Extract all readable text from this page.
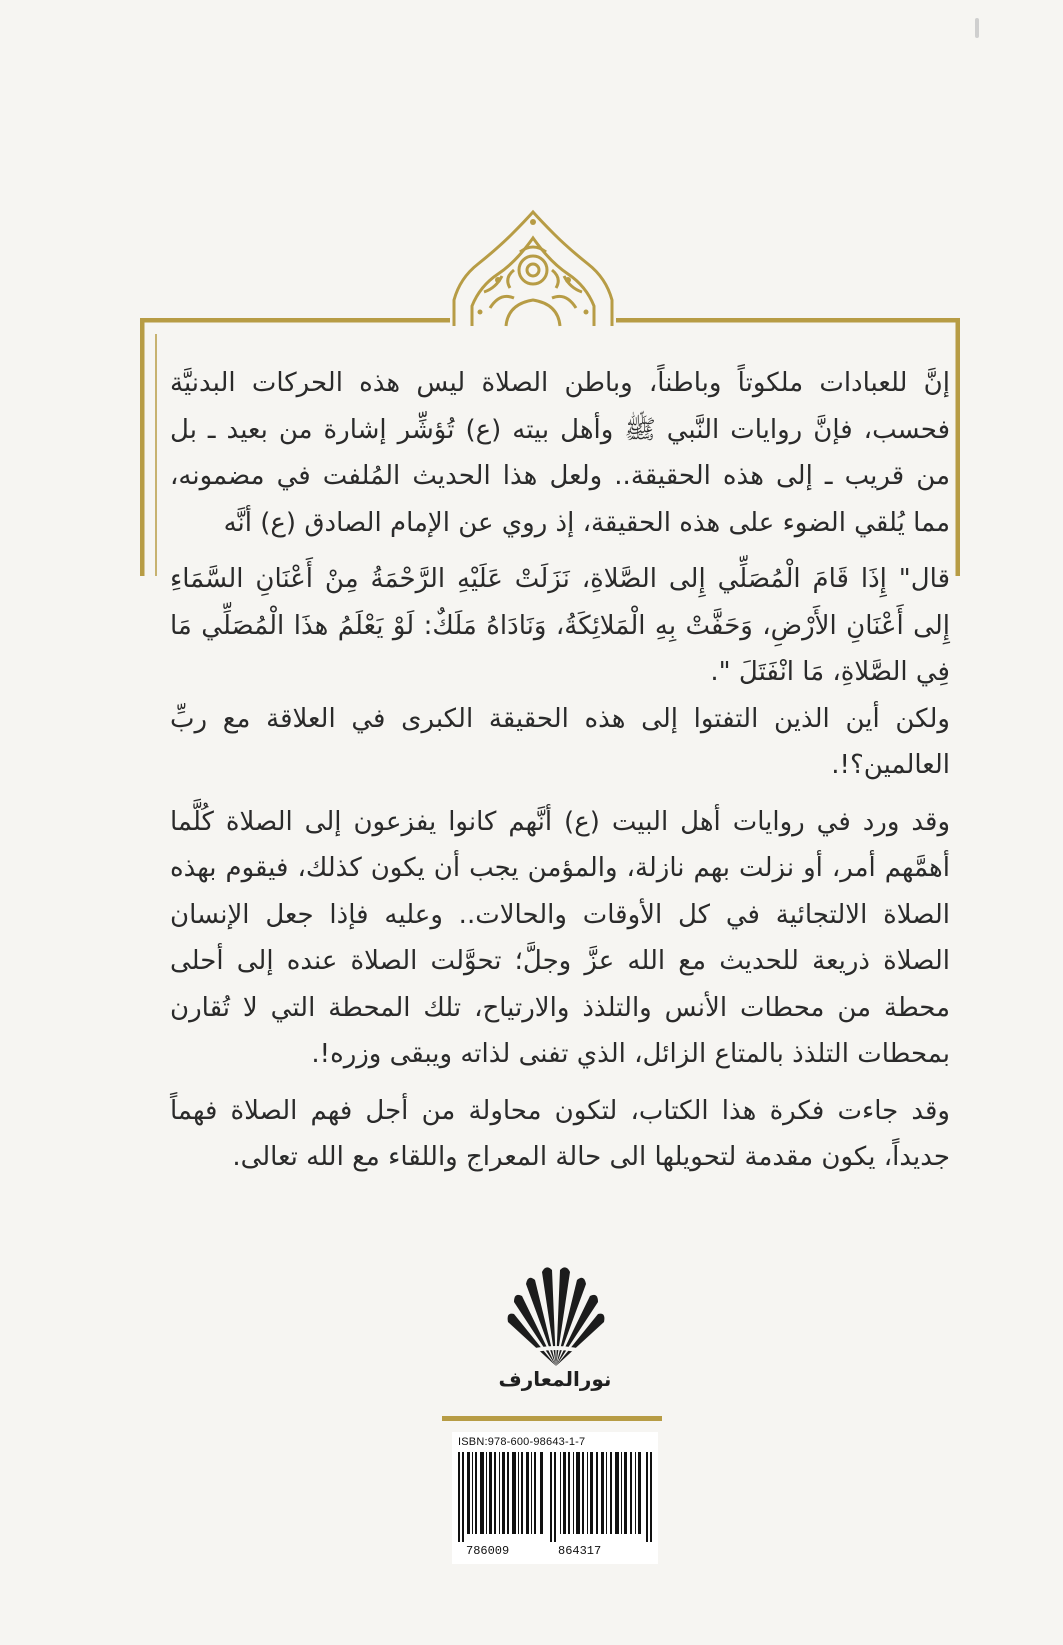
إنَّ للعبادات ملكوتاً وباطناً، وباطن الصلاة ليس هذه الحركات البدنيَّة فحسب، فإنَّ روايات النَّبي ﷺ وأهل بيته (ع) تُؤشِّر إشارة من بعيد ـ بل من قريب ـ إلى هذه الحقيقة.. ولعل هذا الحديث المُلفت في مضمونه، مما يُلقي الضوء على هذه الحقيقة، إذ روي عن الإمام الصادق (ع) أنَّه

قال" إِذَا قَامَ الْمُصَلِّي إِلى الصَّلاةِ، نَزَلَتْ عَلَيْهِ الرَّحْمَةُ مِنْ أَعْنَانِ السَّمَاءِ إِلى أَعْنَانِ الأَرْضِ، وَحَفَّتْ بِهِ الْمَلائِكَةُ، وَنَادَاهُ مَلَكٌ: لَوْ يَعْلَمُ هذَا الْمُصَلِّي مَا فِي الصَّلاةِ، مَا انْفَتَلَ ".

ولكن أين الذين التفتوا إلى هذه الحقيقة الكبرى في العلاقة مع ربِّ العالمين؟!.

وقد ورد في روايات أهل البيت (ع) أنَّهم كانوا يفزعون إلى الصلاة كُلَّما أهمَّهم أمر، أو نزلت بهم نازلة، والمؤمن يجب أن يكون كذلك، فيقوم بهذه الصلاة الالتجائية في كل الأوقات والحالات.. وعليه فإذا جعل الإنسان الصلاة ذريعة للحديث مع الله عزَّ وجلَّ؛ تحوَّلت الصلاة عنده إلى أحلى محطة من محطات الأنس والتلذذ والارتياح، تلك المحطة التي لا تُقارن بمحطات التلذذ بالمتاع الزائل، الذي تفنى لذاته ويبقى وزره!.

وقد جاءت فكرة هذا الكتاب، لتكون محاولة من أجل فهم الصلاة فهماً جديداً، يكون مقدمة لتحويلها الى حالة المعراج واللقاء مع الله تعالى.

نورالمعارف
ISBN:978-600-98643-1-7
786009	864317
